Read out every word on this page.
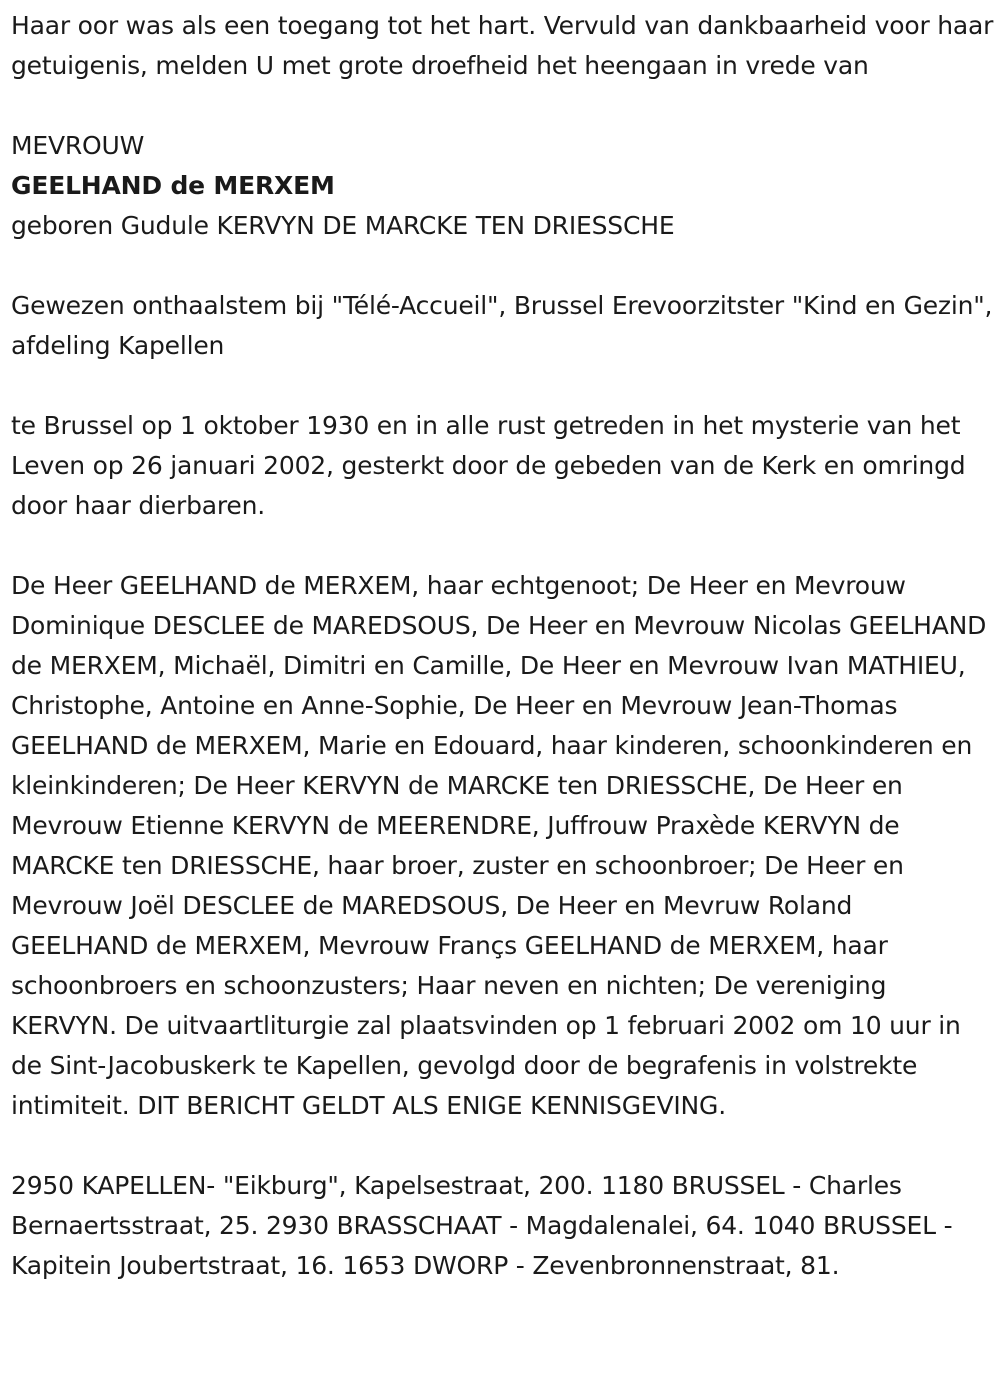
Haar oor was als een toegang tot het hart. Vervuld van dankbaarheid voor haar getuigenis, melden U met grote droefheid het heengaan in vrede van

MEVROUW

GEELHAND de MERXEM

geboren Gudule KERVYN DE MARCKE TEN DRIESSCHE

Gewezen onthaalstem bij "Télé-Accueil", Brussel Erevoorzitster "Kind en Gezin", afdeling Kapellen

te Brussel op 1 oktober 1930 en in alle rust getreden in het mysterie van het Leven op 26 januari 2002, gesterkt door de gebeden van de Kerk en omringd door haar dierbaren.

De Heer GEELHAND de MERXEM, haar echtgenoot; De Heer en Mevrouw Dominique DESCLEE de MAREDSOUS, De Heer en Mevrouw Nicolas GEELHAND de MERXEM, Michaël, Dimitri en Camille, De Heer en Mevrouw Ivan MATHIEU, Christophe, Antoine en Anne-Sophie, De Heer en Mevrouw Jean-Thomas GEELHAND de MERXEM, Marie en Edouard, haar kinderen, schoonkinderen en kleinkinderen; De Heer KERVYN de MARCKE ten DRIESSCHE, De Heer en Mevrouw Etienne KERVYN de MEERENDRE, Juffrouw Praxède KERVYN de MARCKE ten DRIESSCHE, haar broer, zuster en schoonbroer; De Heer en Mevrouw Joël DESCLEE de MAREDSOUS, De Heer en Mevruw Roland GEELHAND de MERXEM, Mevrouw Françs GEELHAND de MERXEM, haar schoonbroers en schoonzusters; Haar neven en nichten; De vereniging KERVYN. De uitvaartliturgie zal plaatsvinden op 1 februari 2002 om 10 uur in de Sint-Jacobuskerk te Kapellen, gevolgd door de begrafenis in volstrekte intimiteit. DIT BERICHT GELDT ALS ENIGE KENNISGEVING.

2950 KAPELLEN- "Eikburg", Kapelsestraat, 200. 1180 BRUSSEL - Charles Bernaertsstraat, 25. 2930 BRASSCHAAT - Magdalenalei, 64. 1040 BRUSSEL - Kapitein Joubertstraat, 16. 1653 DWORP - Zevenbronnenstraat, 81.
